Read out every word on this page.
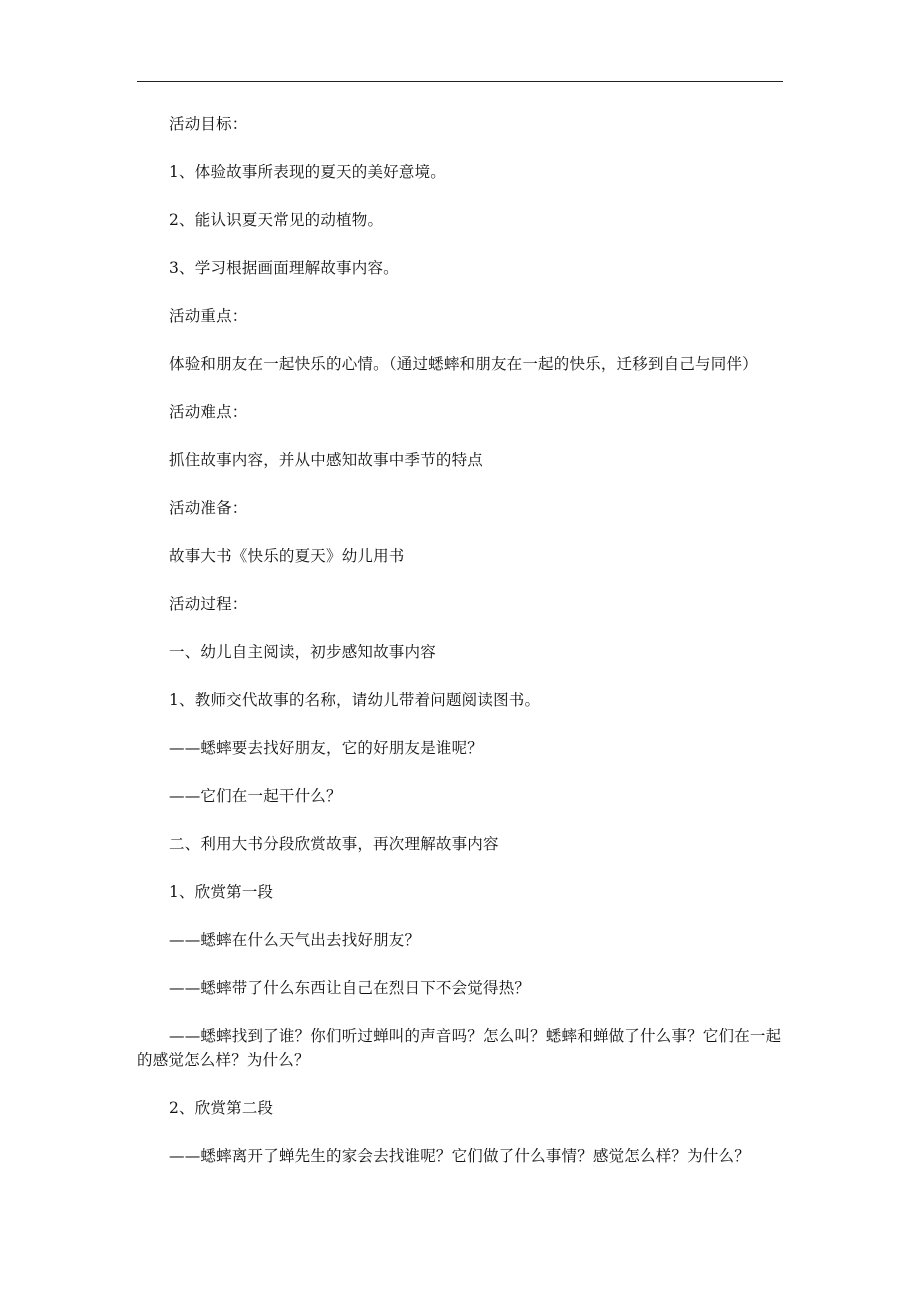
活动目标：

1、体验故事所表现的夏天的美好意境。

2、能认识夏天常见的动植物。

3、学习根据画面理解故事内容。

活动重点：

体验和朋友在一起快乐的心情。（通过蟋蟀和朋友在一起的快乐，迁移到自己与同伴）

活动难点：

抓住故事内容，并从中感知故事中季节的特点

活动准备：

故事大书《快乐的夏天》幼儿用书

活动过程：

一、幼儿自主阅读，初步感知故事内容

1、教师交代故事的名称，请幼儿带着问题阅读图书。

——蟋蟀要去找好朋友，它的好朋友是谁呢？

——它们在一起干什么？

二、利用大书分段欣赏故事，再次理解故事内容

1、欣赏第一段

——蟋蟀在什么天气出去找好朋友？

——蟋蟀带了什么东西让自己在烈日下不会觉得热？

——蟋蟀找到了谁？你们听过蝉叫的声音吗？怎么叫？蟋蟀和蝉做了什么事？它们在一起的感觉怎么样？为什么？

2、欣赏第二段

——蟋蟀离开了蝉先生的家会去找谁呢？它们做了什么事情？感觉怎么样？为什么？
